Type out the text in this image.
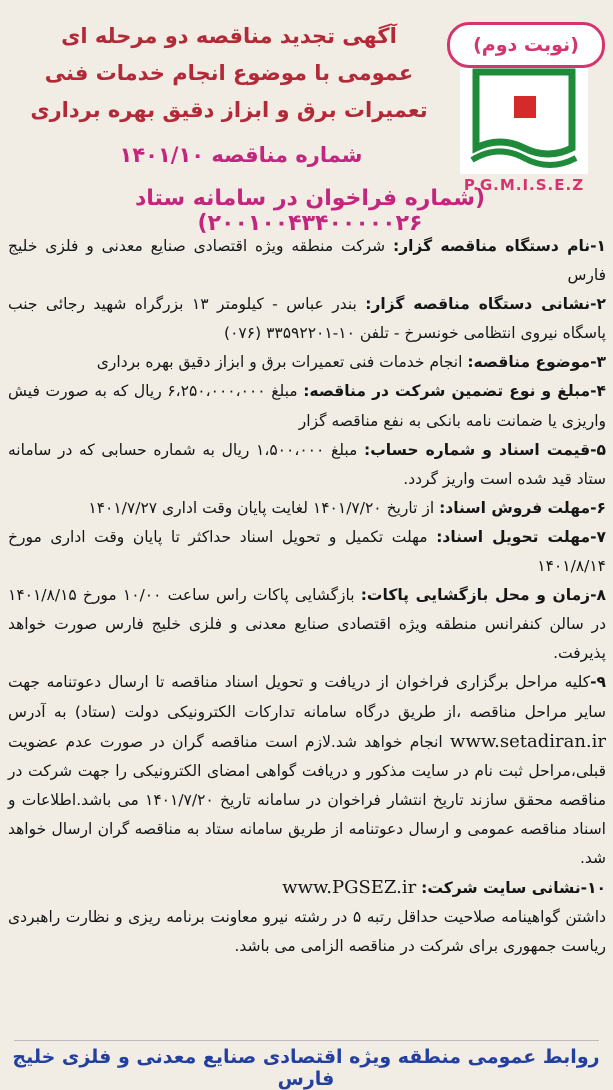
(نوبت دوم)
P.G.M.I.S.E.Z
آگهی تجدید مناقصه دو مرحله ای
عمومی با موضوع انجام خدمات فنی
تعمیرات برق و ابزاز دقیق بهره برداری
شماره مناقصه ۱۴۰۱/۱۰
(شماره فراخوان در سامانه ستاد ۲۰۰۱۰۰۴۳۴۰۰۰۰۰۲۶)

۱-نام دستگاه مناقصه گزار: شرکت منطقه ویژه اقتصادی صنایع معدنی و فلزی خلیج فارس

۲-نشانی دستگاه مناقصه گزار: بندر عباس - کیلومتر ۱۳ بزرگراه شهید رجائی جنب پاسگاه نیروی انتظامی خونسرخ - تلفن ۱۰-۳۳۵۹۲۲۰۱ (۰۷۶)

۳-موضوع مناقصه: انجام خدمات فنی تعمیرات برق و ابزاز دقیق بهره برداری

۴-مبلغ و نوع تضمین شرکت در مناقصه: مبلغ ۶،۲۵۰،۰۰۰،۰۰۰ ریال که به صورت فیش واریزی یا ضمانت نامه بانکی به نفع مناقصه گزار

۵-قیمت اسناد و شماره حساب: مبلغ ۱،۵۰۰،۰۰۰ ریال به شماره حسابی که در سامانه ستاد قید شده است واریز گردد.

۶-مهلت فروش اسناد: از تاریخ ۱۴۰۱/۷/۲۰ لغایت پایان وقت اداری ۱۴۰۱/۷/۲۷

۷-مهلت تحویل اسناد: مهلت تکمیل و تحویل اسناد حداکثر تا پایان وقت اداری مورخ ۱۴۰۱/۸/۱۴

۸-زمان و محل بازگشایی پاکات: بازگشایی پاکات راس ساعت ۱۰/۰۰ مورخ ۱۴۰۱/۸/۱۵ در سالن کنفرانس منطقه ویژه اقتصادی صنایع معدنی و فلزی خلیج فارس صورت خواهد پذیرفت.

۹-کلیه مراحل برگزاری فراخوان از دریافت و تحویل اسناد مناقصه تا ارسال دعوتنامه جهت سایر مراحل مناقصه ،از طریق درگاه سامانه تدارکات الکترونیکی دولت (ستاد) به آدرس www.setadiran.ir انجام خواهد شد.لازم است مناقصه گران در صورت عدم عضویت قبلی،مراحل ثبت نام در سایت مذکور و دریافت گواهی امضای الکترونیکی را جهت شرکت در مناقصه محقق سازند تاریخ انتشار فراخوان در سامانه تاریخ ۱۴۰۱/۷/۲۰ می باشد.اطلاعات و اسناد مناقصه عمومی و ارسال دعوتنامه از طریق سامانه ستاد به مناقصه گران ارسال خواهد شد.

۱۰-نشانی سایت شرکت: www.PGSEZ.ir

داشتن گواهینامه صلاحیت حداقل رتبه ۵ در رشته نیرو معاونت برنامه ریزی و نظارت راهبردی ریاست جمهوری برای شرکت در مناقصه الزامی می باشد.

روابط عمومی منطقه ویژه اقتصادی صنایع معدنی و فلزی خلیج فارس
